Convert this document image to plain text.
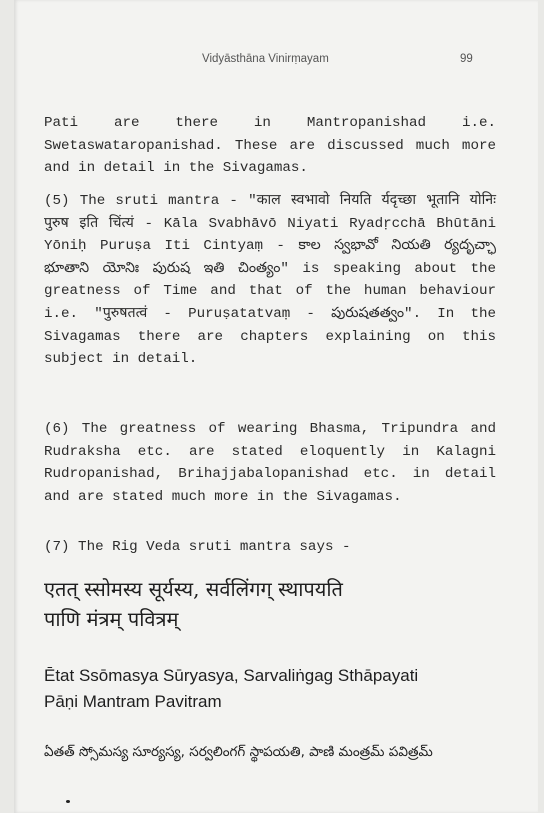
Vidyāsthāna Vinirṃayam	99

Pati are there in Mantropanishad i.e. Swetaswataropanishad. These are discussed much more and in detail in the Sivagamas.

(5) The sruti mantra - "काल स्वभावो नियति र्यदृच्छा भूतानि योनिः पुरुष इति चिंत्यं - Kāla Svabhāvō Niyati Ryadṛcchā Bhūtāni Yōniḥ Puruṣa Iti Cintyaṃ - కాల స్వభావో నియతి ర్యదృచ్ఛా భూతాని యోనిః పురుష ఇతి చింత్యం" is speaking about the greatness of Time and that of the human behaviour i.e. "पुरुषतत्वं - Puruṣatatvaṃ - పురుషతత్వం". In the Sivagamas there are chapters explaining on this subject in detail.

(6) The greatness of wearing Bhasma, Tripundra and Rudraksha etc. are stated eloquently in Kalagni Rudropanishad, Brihajjabalopanishad etc. in detail and are stated much more in the Sivagamas.

(7) The Rig Veda sruti mantra says -

एतत् स्सोमस्य सूर्यस्य, सर्वलिंगग् स्थापयति

पाणि मंत्रम् पवित्रम्

Ētat Ssōmasya Sūryasya, Sarvaliṅgag Sthāpayati

Pāṇi Mantram Pavitram

ఏతత్ స్సోమస్య సూర్యస్య, సర్వలింగగ్ స్థాపయతి, పాణి మంత్రమ్ పవిత్రమ్
